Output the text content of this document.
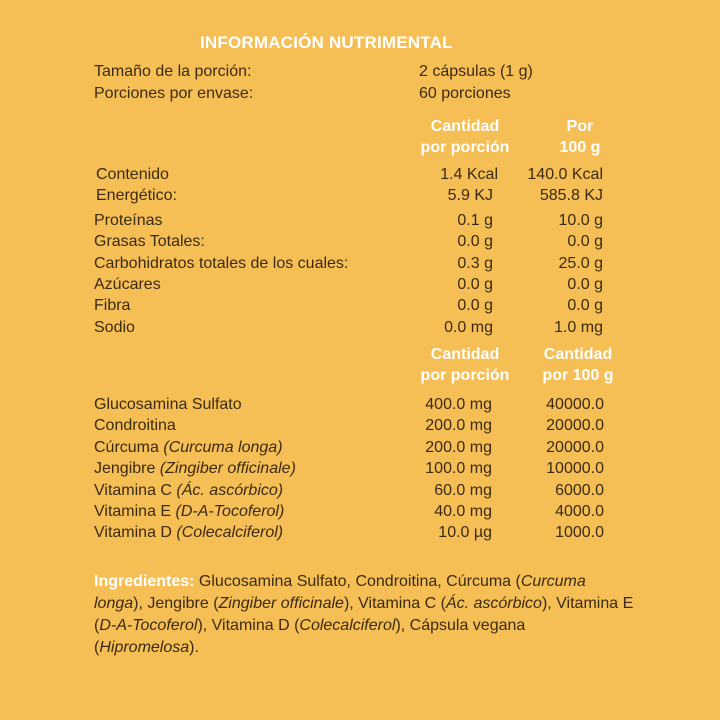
INFORMACIÓN NUTRIMENTAL
Tamaño de la porción:	2 cápsulas (1 g)
Porciones por envase:	60 porciones
Cantidad
por porción
Por
100 g
Contenido	1.4 Kcal 140.0 Kcal
Energético:	5.9 KJ	585.8 KJ
Proteínas	0.1 g	10.0 g
Grasas Totales:	0.0 g	0.0 g
Carbohidratos totales de los cuales:	0.3 g	25.0 g
Azúcares	0.0 g	0.0 g
Fibra	0.0 g	0.0 g
Sodio	0.0 mg	1.0 mg
Cantidad
por porción
Cantidad
por 100 g
Glucosamina Sulfato	400.0 mg	40000.0
Condroitina	200.0 mg	20000.0
Cúrcuma (Curcuma longa)	200.0 mg	20000.0
Jengibre (Zingiber officinale)	100.0 mg	10000.0
Vitamina C (Ác. ascórbico)	60.0 mg	6000.0
Vitamina E (D-A-Tocoferol)	40.0 mg	4000.0
Vitamina D (Colecalciferol)	10.0 µg	1000.0
Ingredientes: Glucosamina Sulfato, Condroitina, Cúrcuma (Curcuma longa), Jengibre (Zingiber officinale), Vitamina C (Ác. ascórbico), Vitamina E (D-A-Tocoferol), Vitamina D (Colecalciferol), Cápsula vegana (Hipromelosa).
